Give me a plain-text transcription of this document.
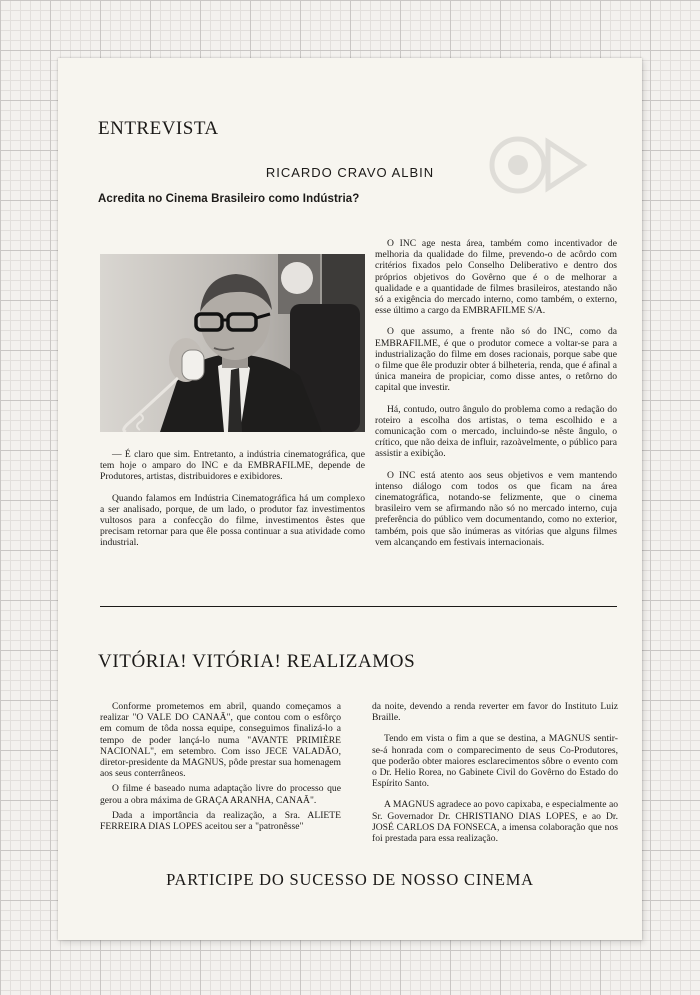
ENTREVISTA
RICARDO CRAVO ALBIN
Acredita no Cinema Brasileiro como Indústria?

— É claro que sim. Entretanto, a indústria cinematográfica, que tem hoje o amparo do INC e da EMBRAFILME, depende de Produtores, artistas, distribuidores e exibidores.

Quando falamos em Indústria Cinematográfica há um complexo a ser analisado, porque, de um lado, o produtor faz investimentos vultosos para a confecção do filme, investimentos êstes que precisam retornar para que êle possa continuar a sua atividade como industrial.

O INC age nesta área, também como incentivador de melhoria da qualidade do filme, prevendo-o de acôrdo com critérios fixados pelo Conselho Deliberativo e dentro dos próprios objetivos do Govêrno que é o de melhorar a qualidade e a quantidade de filmes brasileiros, atestando não só a exigência do mercado interno, como também, o externo, esse último a cargo da EMBRAFILME S/A.

O que assumo, a frente não só do INC, como da EMBRAFILME, é que o produtor comece a voltar-se para a industrialização do filme em doses racionais, porque sabe que o filme que êle produzir obter á bilheteria, renda, que é afinal a única maneira de propiciar, como disse antes, o retôrno do capital que investir.

Há, contudo, outro ângulo do problema como a redação do roteiro a escolha dos artistas, o tema escolhido e a comunicação com o mercado, incluindo-se nêste ângulo, o crítico, que não deixa de influir, razoàvelmente, o público para assistir a exibição.

O INC está atento aos seus objetivos e vem mantendo intenso diálogo com todos os que ficam na área cinematográfica, notando-se felizmente, que o cinema brasileiro vem se afirmando não só no mercado interno, cuja preferência do público vem documentando, como no exterior, também, pois que são inúmeras as vitórias que alguns filmes vem alcançando em festivais internacionais.

VITÓRIA! VITÓRIA! REALIZAMOS

Conforme prometemos em abril, quando começamos a realizar "O VALE DO CANAÃ", que contou com o esfôrço em comum de tôda nossa equipe, conseguimos finalizá-lo a tempo de poder lançá-lo numa "AVANTE PRIMIÈRE NACIONAL", em setembro. Com isso JECE VALADÃO, diretor-presidente da MAGNUS, pôde prestar sua homenagem aos seus conterrâneos.

O filme é baseado numa adaptação livre do processo que gerou a obra máxima de GRAÇA ARANHA, CANAÃ".

Dada a importância da realização, a Sra. ALIETE FERREIRA DIAS LOPES aceitou ser a "patronêsse"

da noite, devendo a renda reverter em favor do Instituto Luiz Braille.

Tendo em vista o fim a que se destina, a MAGNUS sentir-se-á honrada com o comparecimento de seus Co-Produtores, que poderão obter maiores esclarecimentos sôbre o evento com o Dr. Helio Rorea, no Gabinete Civil do Govêrno do Estado do Espírito Santo.

A MAGNUS agradece ao povo capixaba, e especialmente ao Sr. Governador Dr. CHRISTIANO DIAS LOPES, e ao Dr. JOSÉ CARLOS DA FONSECA, a imensa colaboração que nos foi prestada para essa realização.

PARTICIPE DO SUCESSO DE NOSSO CINEMA
